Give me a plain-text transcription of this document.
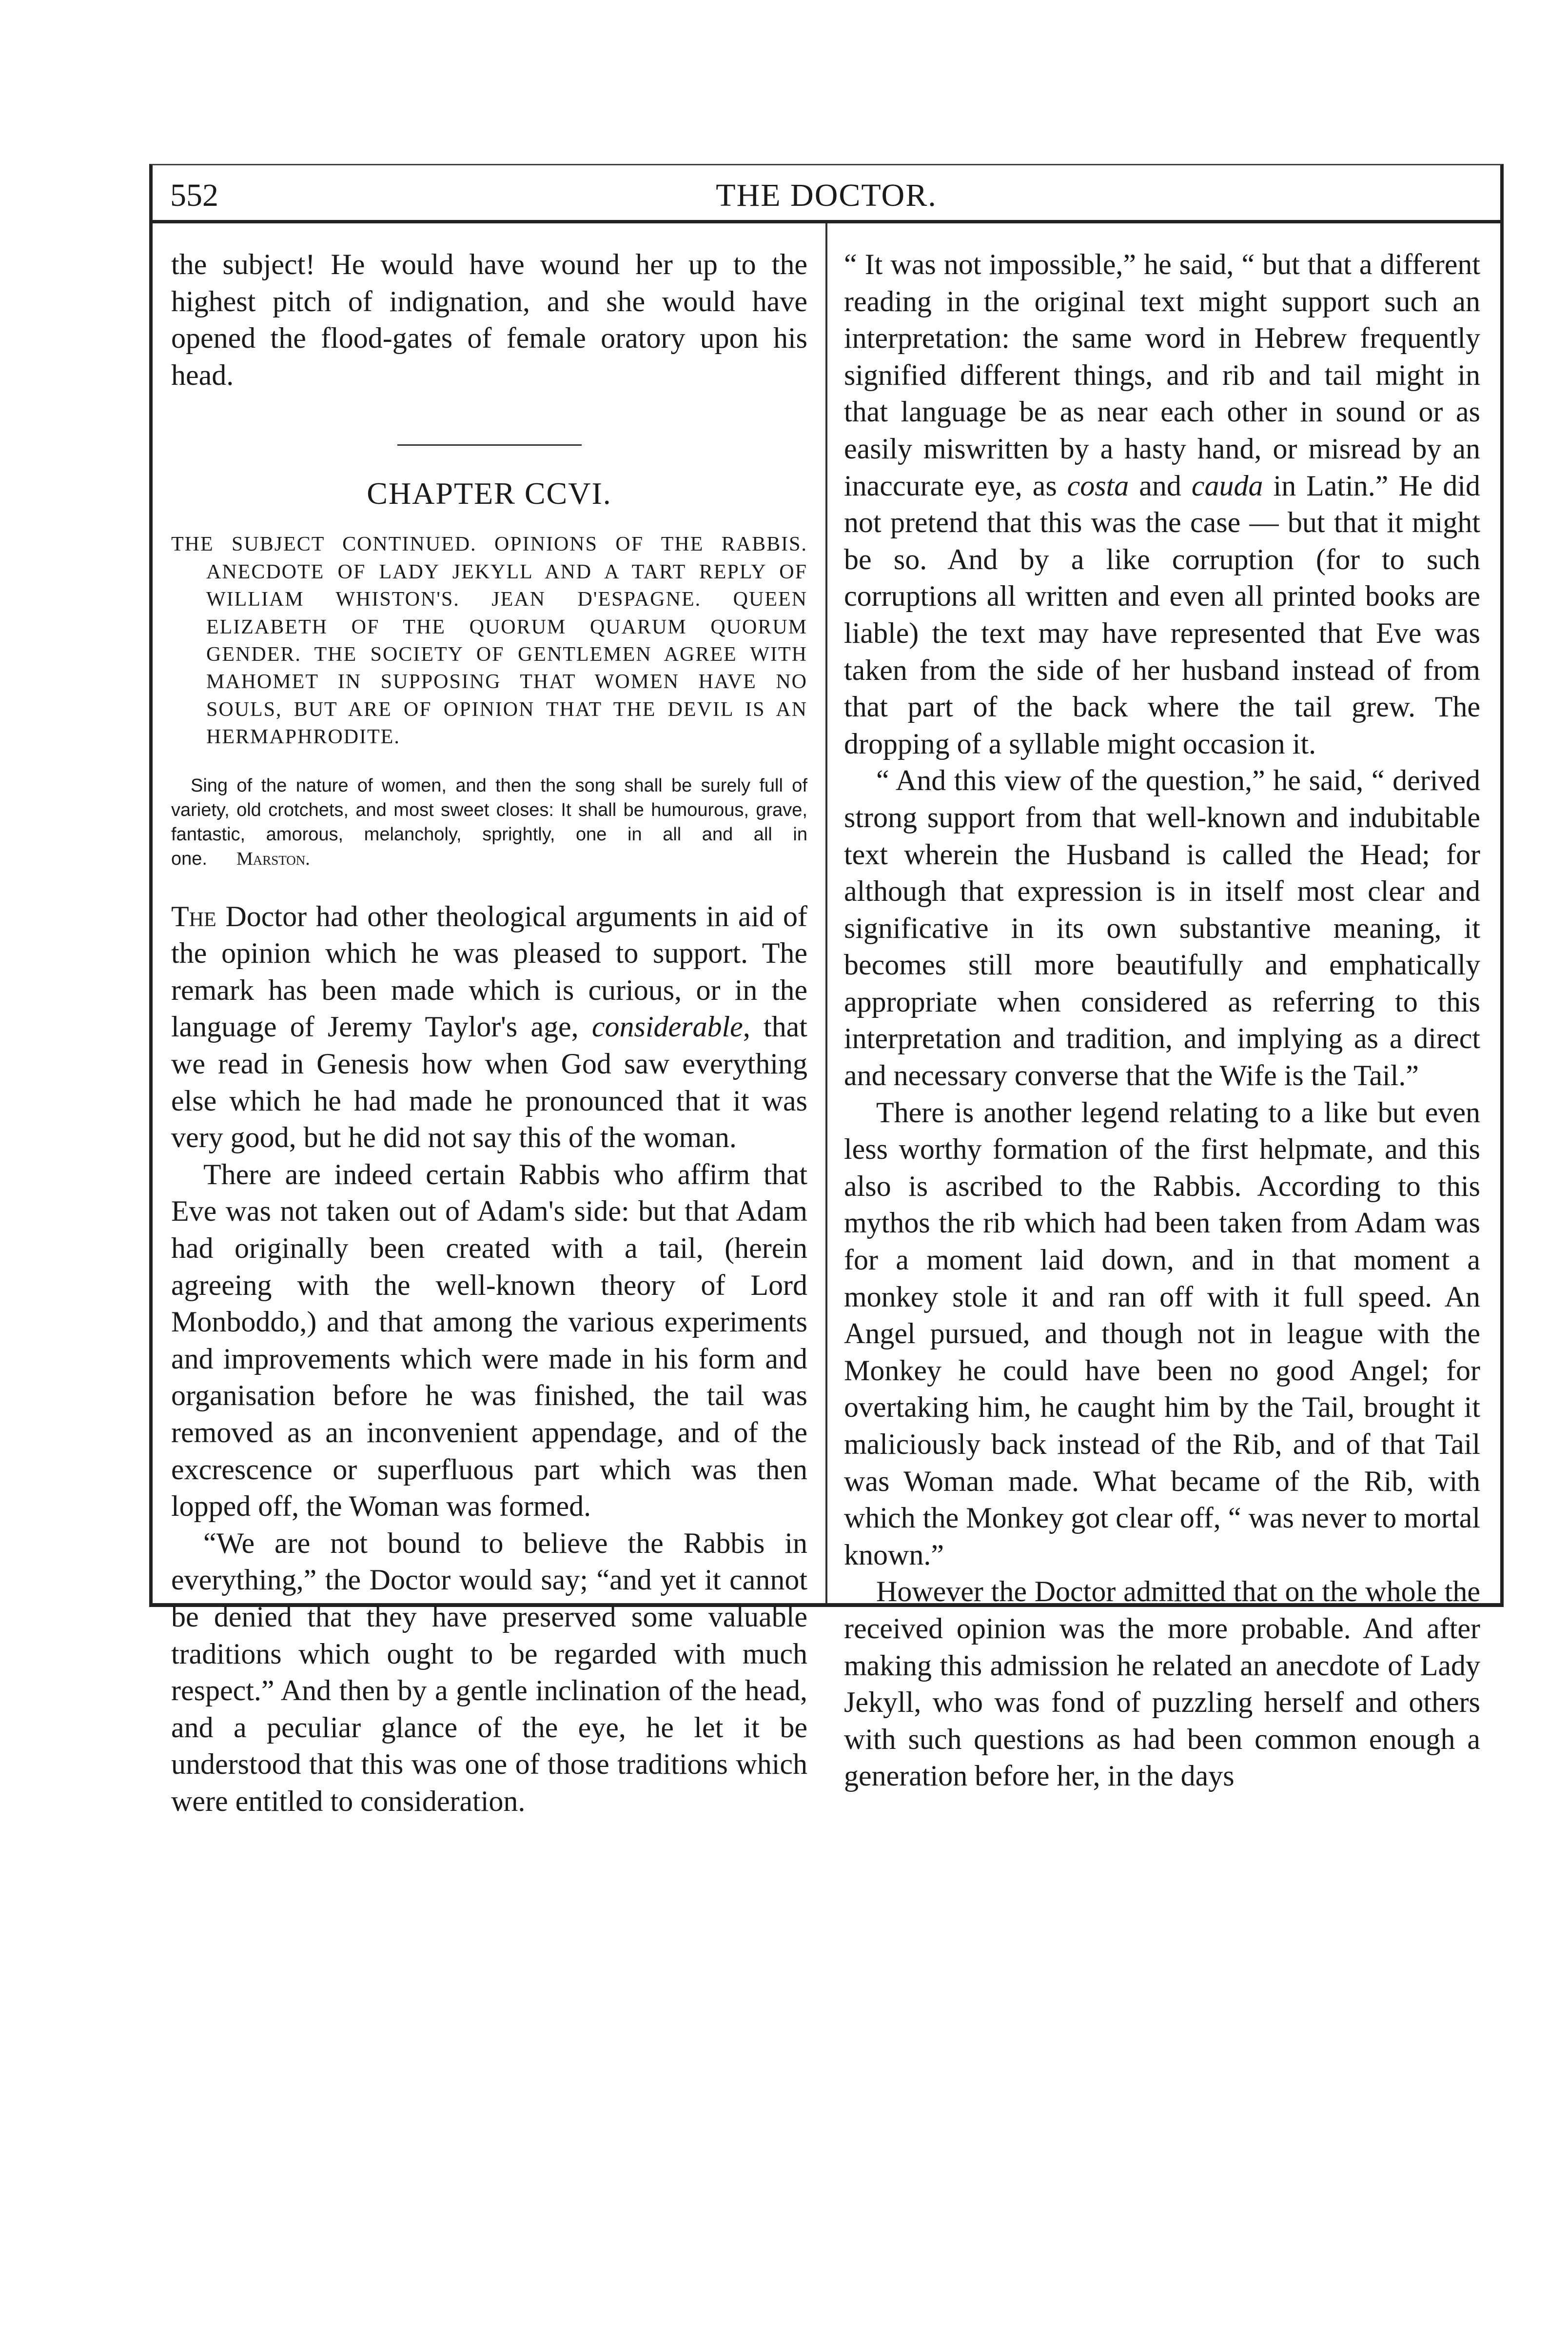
552	THE DOCTOR.

the subject! He would have wound her up to the highest pitch of indignation, and she would have opened the flood-gates of female oratory upon his head.

CHAPTER CCVI.
THE SUBJECT CONTINUED. OPINIONS OF THE RABBIS. ANECDOTE OF LADY JEKYLL AND A TART REPLY OF WILLIAM WHISTON'S. JEAN D'ESPAGNE. QUEEN ELIZABETH OF THE QUORUM QUARUM QUORUM GENDER. THE SOCIETY OF GENTLEMEN AGREE WITH MAHOMET IN SUPPOSING THAT WOMEN HAVE NO SOULS, BUT ARE OF OPINION THAT THE DEVIL IS AN HERMAPHRODITE.
Sing of the nature of women, and then the song shall be surely full of variety, old crotchets, and most sweet closes: It shall be humourous, grave, fantastic, amorous, melancholy, sprightly, one in all and all in one. Marston.

The Doctor had other theological arguments in aid of the opinion which he was pleased to support. The remark has been made which is curious, or in the language of Jeremy Taylor's age, considerable, that we read in Genesis how when God saw everything else which he had made he pronounced that it was very good, but he did not say this of the woman.

There are indeed certain Rabbis who affirm that Eve was not taken out of Adam's side: but that Adam had originally been created with a tail, (herein agreeing with the well-known theory of Lord Monboddo,) and that among the various experiments and improvements which were made in his form and organisation before he was finished, the tail was removed as an inconvenient appendage, and of the excrescence or superfluous part which was then lopped off, the Woman was formed.

“We are not bound to believe the Rabbis in everything,” the Doctor would say; “and yet it cannot be denied that they have preserved some valuable traditions which ought to be regarded with much respect.” And then by a gentle inclination of the head, and a peculiar glance of the eye, he let it be understood that this was one of those traditions which were entitled to consideration.

“ It was not impossible,” he said, “ but that a different reading in the original text might support such an interpretation: the same word in Hebrew frequently signified different things, and rib and tail might in that language be as near each other in sound or as easily miswritten by a hasty hand, or misread by an inaccurate eye, as costa and cauda in Latin.” He did not pretend that this was the case — but that it might be so. And by a like corruption (for to such corruptions all written and even all printed books are liable) the text may have represented that Eve was taken from the side of her husband instead of from that part of the back where the tail grew. The dropping of a syllable might occasion it.

“ And this view of the question,” he said, “ derived strong support from that well-known and indubitable text wherein the Husband is called the Head; for although that expression is in itself most clear and significative in its own substantive meaning, it becomes still more beautifully and emphatically appropriate when considered as referring to this interpretation and tradition, and implying as a direct and necessary converse that the Wife is the Tail.”

There is another legend relating to a like but even less worthy formation of the first helpmate, and this also is ascribed to the Rabbis. According to this mythos the rib which had been taken from Adam was for a moment laid down, and in that moment a monkey stole it and ran off with it full speed. An Angel pursued, and though not in league with the Monkey he could have been no good Angel; for overtaking him, he caught him by the Tail, brought it maliciously back instead of the Rib, and of that Tail was Woman made. What became of the Rib, with which the Monkey got clear off, “ was never to mortal known.”

However the Doctor admitted that on the whole the received opinion was the more probable. And after making this admission he related an anecdote of Lady Jekyll, who was fond of puzzling herself and others with such questions as had been common enough a generation before her, in the days
